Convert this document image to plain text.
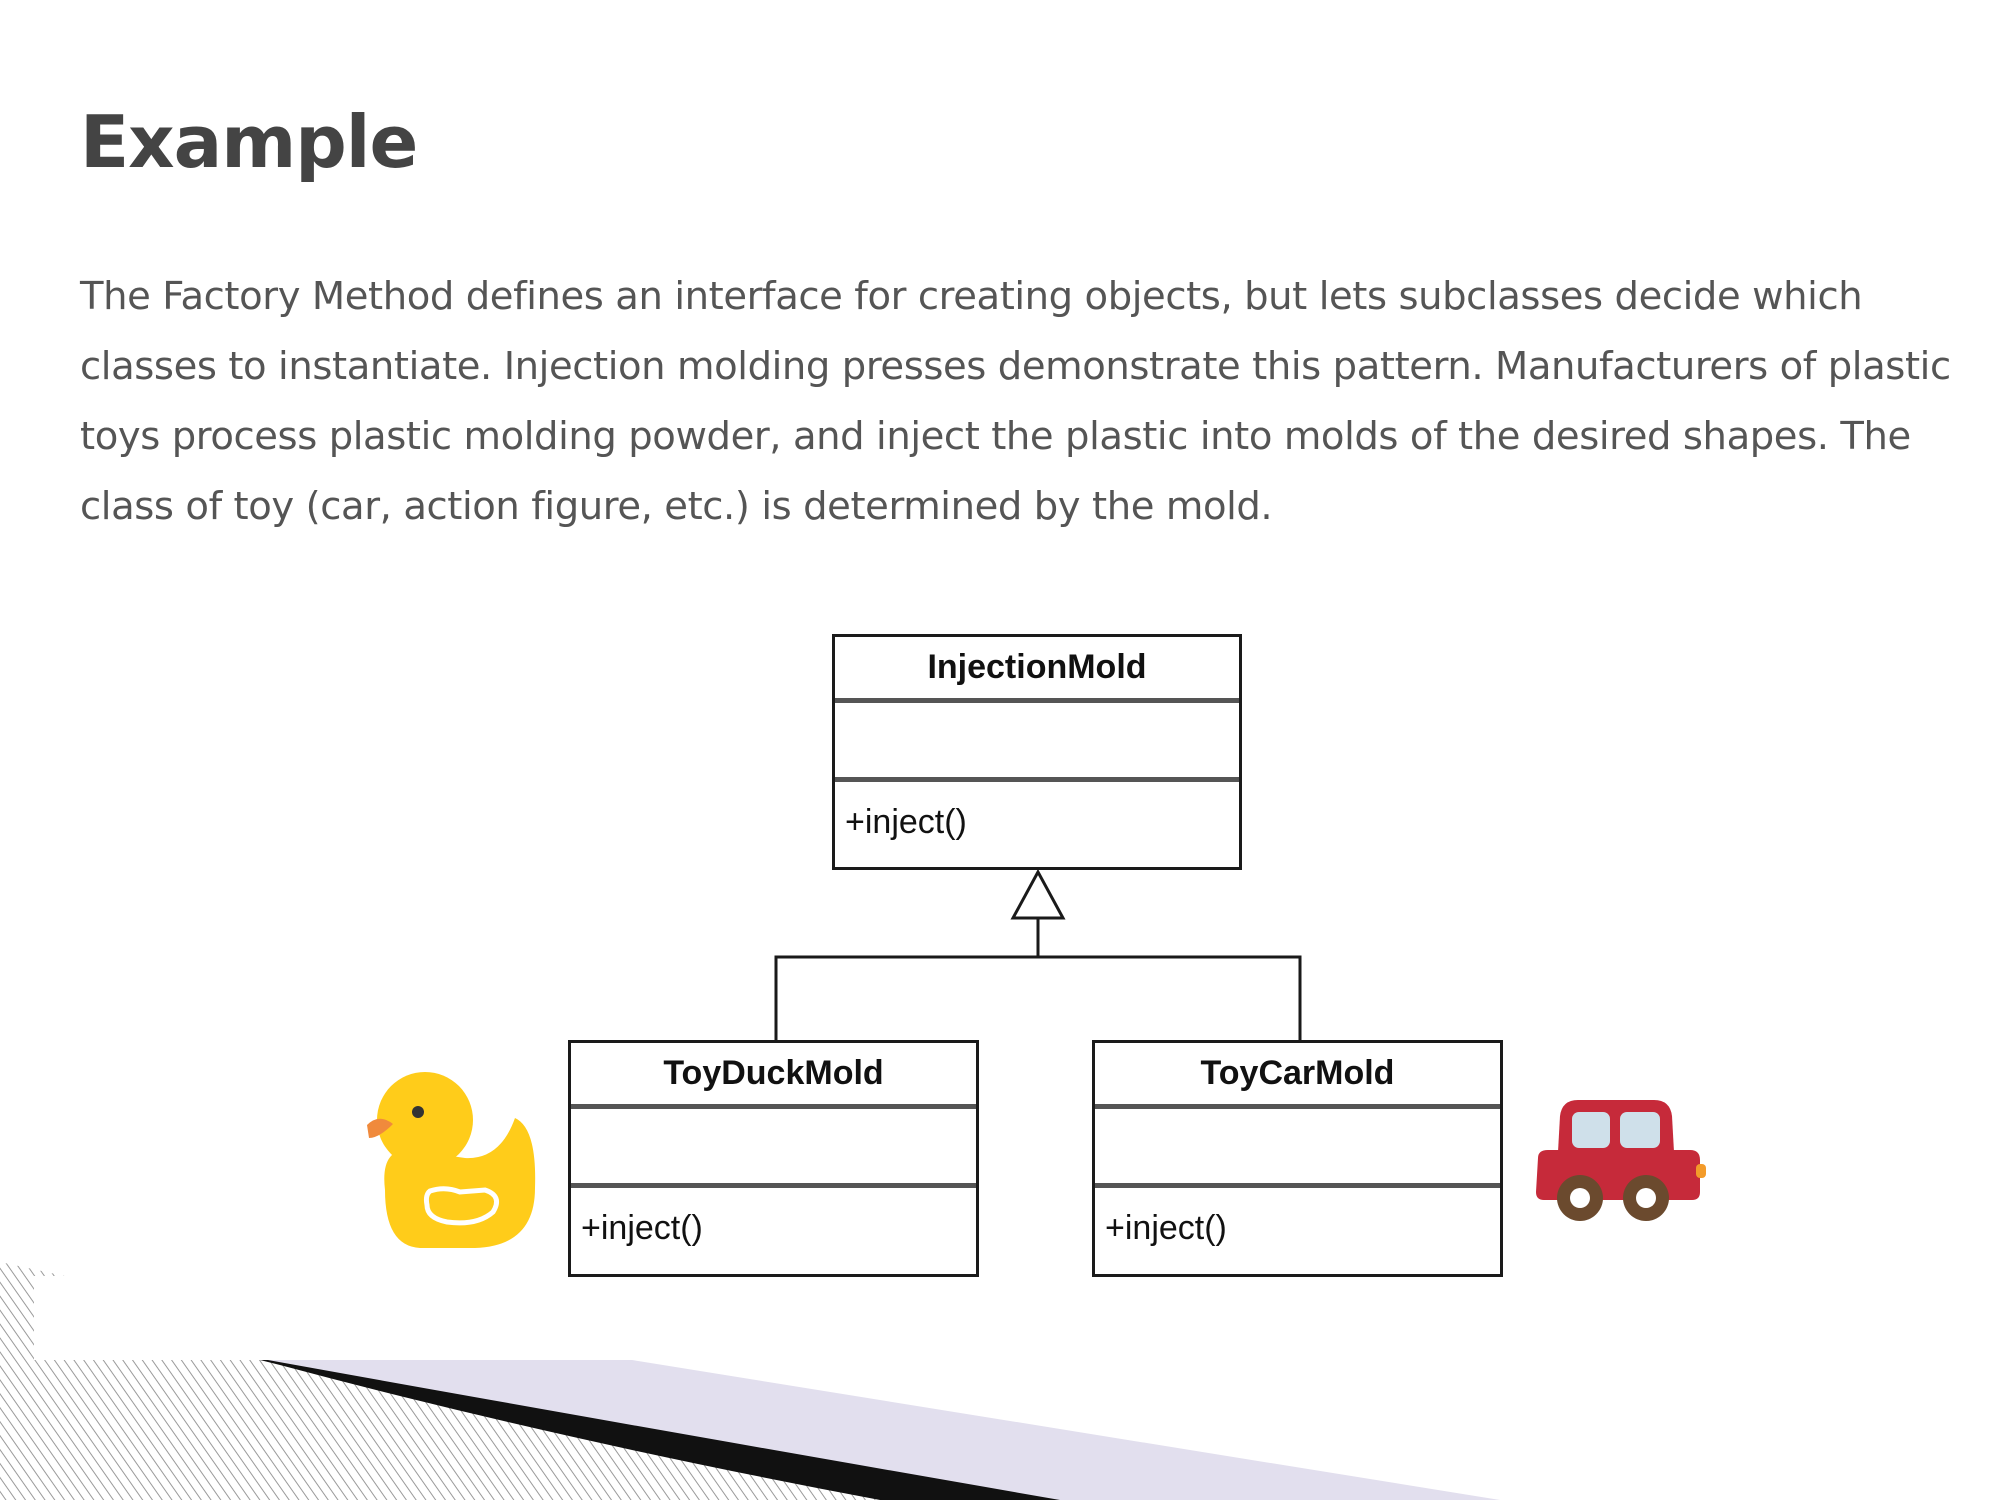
Example

The Factory Method defines an interface for creating objects, but lets subclasses decide which classes to instantiate. Injection molding presses demonstrate this pattern. Manufacturers of plastic toys process plastic molding powder, and inject the plastic into molds of the desired shapes. The class of toy (car, action figure, etc.) is determined by the mold.

InjectionMold
+inject()
ToyDuckMold
+inject()
ToyCarMold
+inject()
